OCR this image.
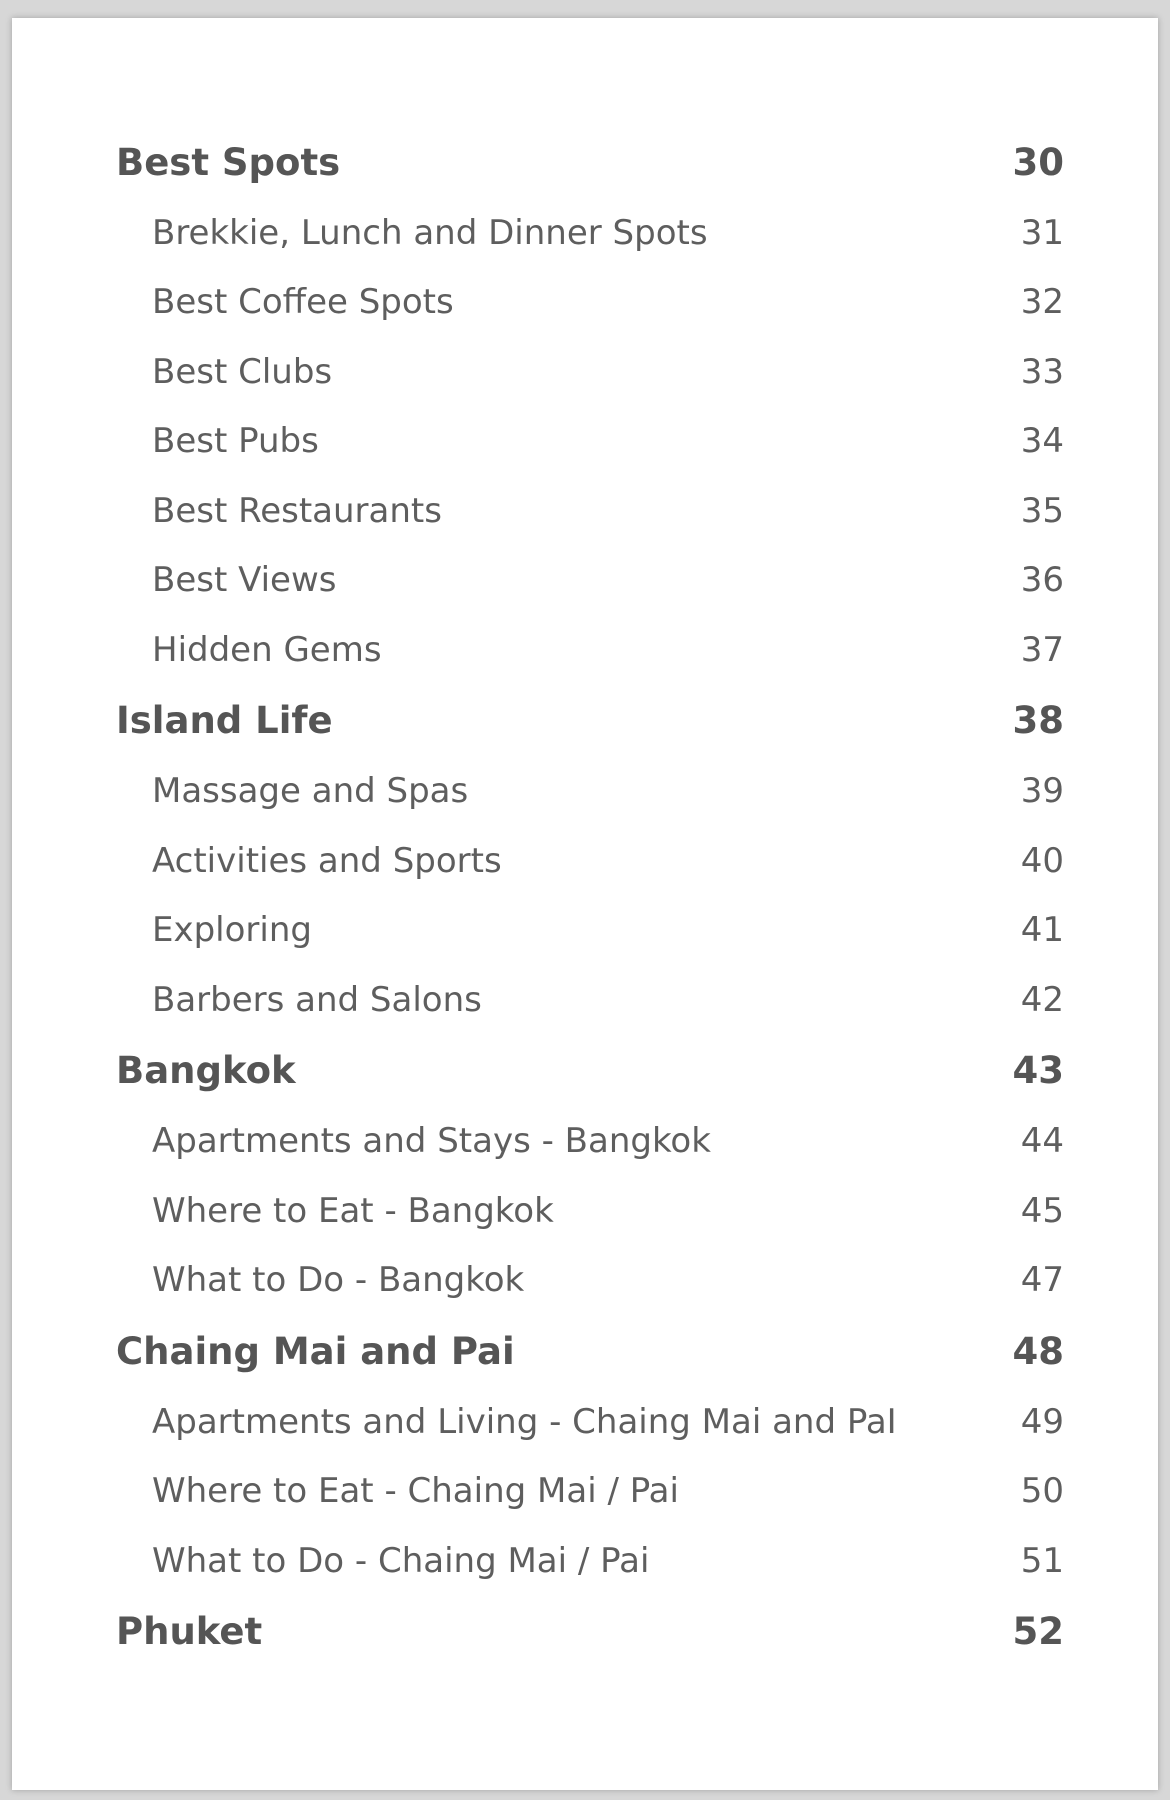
Best Spots	30
Brekkie, Lunch and Dinner Spots	31
Best Coffee Spots	32
Best Clubs	33
Best Pubs	34
Best Restaurants	35
Best Views	36
Hidden Gems	37
Island Life	38
Massage and Spas	39
Activities and Sports	40
Exploring	41
Barbers and Salons	42
Bangkok	43
Apartments and Stays - Bangkok	44
Where to Eat - Bangkok	45
What to Do - Bangkok	47
Chaing Mai and Pai	48
Apartments and Living - Chaing Mai and PaI	49
Where to Eat - Chaing Mai / Pai	50
What to Do - Chaing Mai / Pai	51
Phuket	52
